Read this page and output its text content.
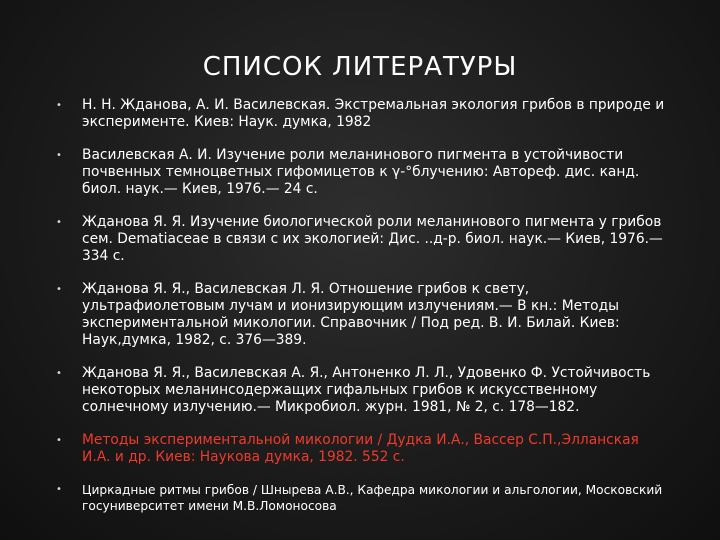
СПИСОК ЛИТЕРАТУРЫ
• Н. Н. Жданова, А. И. Василевская. Экстремальная экология грибов в природе и эксперименте. Киев: Наук. думка, 1982
• Василевская А. И. Изучение роли меланинового пигмента в устойчивости почвенных темноцветных гифомицетов к γ-°блучению: Автореф. дис. канд. биол. наук.— Киев, 1976.— 24 с.
• Жданова Я. Я. Изучение биологической роли меланинового пигмента у грибов сем. Dematiaceae в связи с их экологией: Дис. ..д-р. биол. наук.— Киев, 1976.—334 с.
• Жданова Я. Я., Василевская Л. Я. Отношение грибов к свету, ультрафиолетовым лучам и ионизирующим излучениям.— В кн.: Методы экспериментальной микологии. Справочник / Под ред. В. И. Билай. Киев: Наук,думка, 1982, с. 376—389.
• Жданова Я. Я., Василевская А. Я., Антоненко Л. Л., Удовенко Ф. Устойчивость некоторых меланинсодержащих гифальных грибов к искусственному солнечному излучению.— Микробиол. журн. 1981, № 2, с. 178—182.
• Методы экспериментальной микологии / Дудка И.А., Вассер С.П.,Элланская И.А. и др. Киев: Наукова думка, 1982. 552 с.
• Циркадные ритмы грибов / Шнырева А.В., Кафедра микологии и альгологии, Московский госуниверситет имени М.В.Ломоносова
